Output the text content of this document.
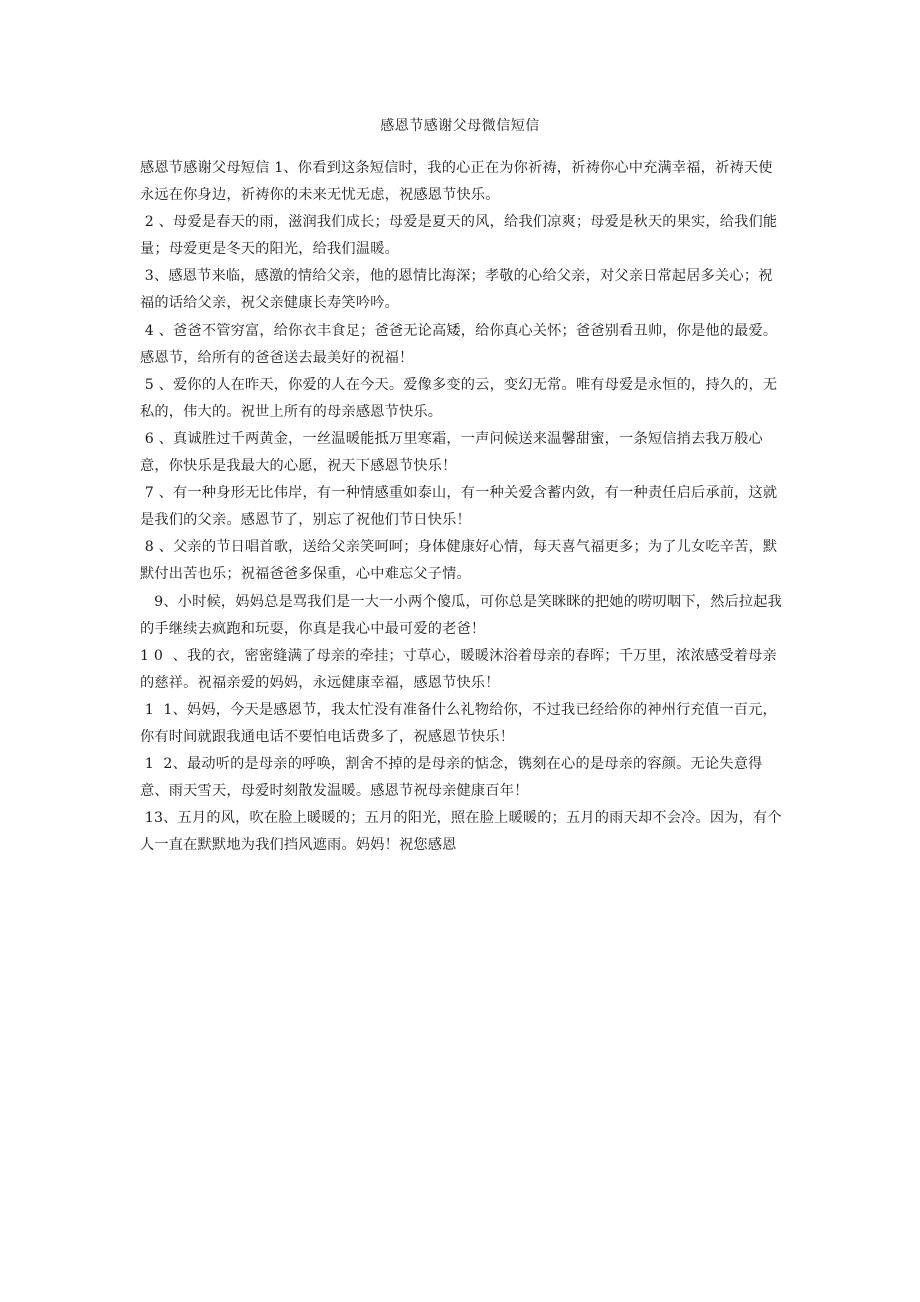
感恩节感谢父母微信短信

感恩节感谢父母短信 1、你看到这条短信时，我的心正在为你祈祷，祈祷你心中充满幸福，祈祷天使永远在你身边，祈祷你的未来无忧无虑，祝感恩节快乐。

2 、母爱是春天的雨，滋润我们成长；母爱是夏天的风，给我们凉爽；母爱是秋天的果实，给我们能量；母爱更是冬天的阳光，给我们温暖。

3、感恩节来临，感激的情给父亲，他的恩情比海深；孝敬的心给父亲，对父亲日常起居多关心；祝福的话给父亲，祝父亲健康长寿笑吟吟。

4 、爸爸不管穷富，给你衣丰食足；爸爸无论高矮，给你真心关怀；爸爸别看丑帅，你是他的最爱。感恩节，给所有的爸爸送去最美好的祝福！

5 、爱你的人在昨天，你爱的人在今天。爱像多变的云，变幻无常。唯有母爱是永恒的，持久的，无私的，伟大的。祝世上所有的母亲感恩节快乐。

6 、真诚胜过千两黄金，一丝温暖能抵万里寒霜，一声问候送来温馨甜蜜，一条短信捎去我万般心意，你快乐是我最大的心愿，祝天下感恩节快乐！

7 、有一种身形无比伟岸，有一种情感重如泰山，有一种关爱含蓄内敛，有一种责任启后承前，这就是我们的父亲。感恩节了，别忘了祝他们节日快乐！

8 、父亲的节日唱首歌，送给父亲笑呵呵；身体健康好心情，每天喜气福更多；为了儿女吃辛苦，默默付出苦也乐；祝福爸爸多保重，心中难忘父子情。

9、小时候，妈妈总是骂我们是一大一小两个傻瓜，可你总是笑眯眯的把她的唠叨咽下，然后拉起我的手继续去疯跑和玩耍，你真是我心中最可爱的老爸！

1 0  、我的衣，密密缝满了母亲的牵挂；寸草心，暖暖沐浴着母亲的春晖；千万里，浓浓感受着母亲的慈祥。祝福亲爱的妈妈，永远健康幸福，感恩节快乐！

1  1、妈妈，今天是感恩节，我太忙没有准备什么礼物给你，不过我已经给你的神州行充值一百元，你有时间就跟我通电话不要怕电话费多了，祝感恩节快乐！

1  2、最动听的是母亲的呼唤，割舍不掉的是母亲的惦念，镌刻在心的是母亲的容颜。无论失意得意、雨天雪天，母爱时刻散发温暖。感恩节祝母亲健康百年！

13、五月的风，吹在脸上暖暖的；五月的阳光，照在脸上暖暖的；五月的雨天却不会冷。因为，有个人一直在默默地为我们挡风遮雨。妈妈！祝您感恩
